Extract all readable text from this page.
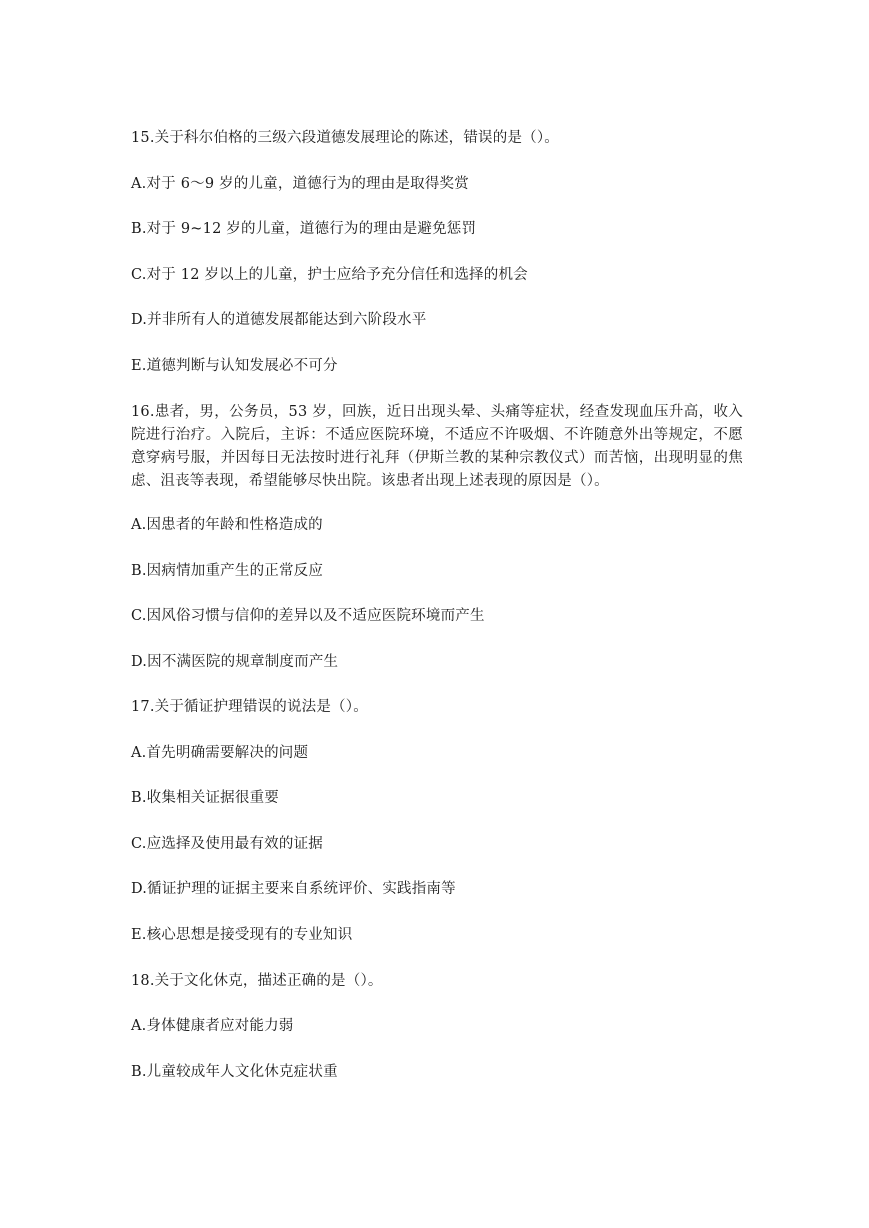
15.关于科尔伯格的三级六段道德发展理论的陈述，错误的是（）。
A.对于 6～9 岁的儿童，道德行为的理由是取得奖赏
B.对于 9~12 岁的儿童，道德行为的理由是避免惩罚
C.对于 12 岁以上的儿童，护士应给予充分信任和选择的机会
D.并非所有人的道德发展都能达到六阶段水平
E.道德判断与认知发展必不可分
16.患者，男，公务员，53 岁，回族，近日出现头晕、头痛等症状，经查发现血压升高，收入院进行治疗。入院后，主诉：不适应医院环境，不适应不许吸烟、不许随意外出等规定，不愿意穿病号服，并因每日无法按时进行礼拜（伊斯兰教的某种宗教仪式）而苦恼，出现明显的焦虑、沮丧等表现，希望能够尽快出院。该患者出现上述表现的原因是（）。
A.因患者的年龄和性格造成的
B.因病情加重产生的正常反应
C.因风俗习惯与信仰的差异以及不适应医院环境而产生
D.因不满医院的规章制度而产生
17.关于循证护理错误的说法是（）。
A.首先明确需要解决的问题
B.收集相关证据很重要
C.应选择及使用最有效的证据
D.循证护理的证据主要来自系统评价、实践指南等
E.核心思想是接受现有的专业知识
18.关于文化休克，描述正确的是（）。
A.身体健康者应对能力弱
B.儿童较成年人文化休克症状重
